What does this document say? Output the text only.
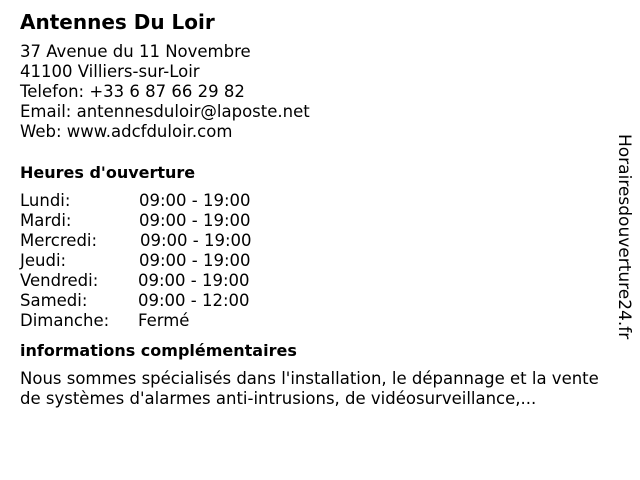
Antennes Du Loir
37 Avenue du 11 Novembre
41100 Villiers-sur-Loir
Telefon: +33 6 87 66 29 82
Email: antennesduloir@laposte.net
Web: www.adcfduloir.com
Heures d'ouverture
Lundi:	09:00 - 19:00
Mardi:	09:00 - 19:00
Mercredi:	09:00 - 19:00
Jeudi:	09:00 - 19:00
Vendredi:	09:00 - 19:00
Samedi:	09:00 - 12:00
Dimanche:	Fermé
informations complémentaires

Nous sommes spécialisés dans l'installation, le dépannage et la vente de systèmes d'alarmes anti-intrusions, de vidéosurveillance,...

Horairesdouverture24.fr
